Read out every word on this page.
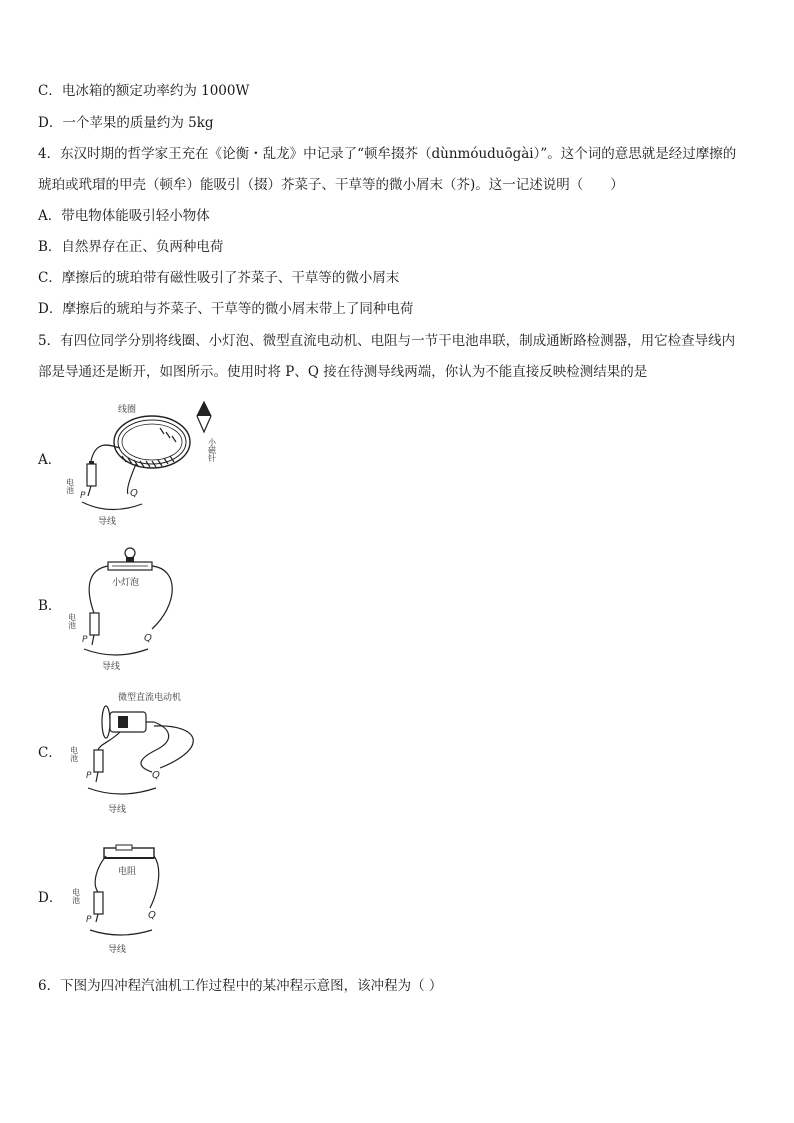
C．电冰箱的额定功率约为 1000W
D．一个苹果的质量约为 5kg
4．东汉时期的哲学家王充在《论衡・乱龙》中记录了“顿牟掇芥（dùnmóuduōgài）”。这个词的意思就是经过摩擦的
琥珀或玳瑁的甲壳（顿牟）能吸引（掇）芥菜子、干草等的微小屑末（芥)。这一记述说明（　　）
A．带电物体能吸引轻小物体
B．自然界存在正、负两种电荷
C．摩擦后的琥珀带有磁性吸引了芥菜子、干草等的微小屑末
D．摩擦后的琥珀与芥菜子、干草等的微小屑末带上了同种电荷
5．有四位同学分别将线圈、小灯泡、微型直流电动机、电阻与一节干电池串联，制成通断路检测器，用它检查导线内
部是导通还是断开，如图所示。使用时将 P、Q 接在待测导线两端，你认为不能直接反映检测结果的是
A．
线圈
小磁针
电池
P	Q
导线
B．
小灯泡
电池
P	Q
导线
C．
微型直流电动机
电池
P	Q
导线
D．
电阻
电池
P	Q
导线
6．下图为四冲程汽油机工作过程中的某冲程示意图，该冲程为（ ）
